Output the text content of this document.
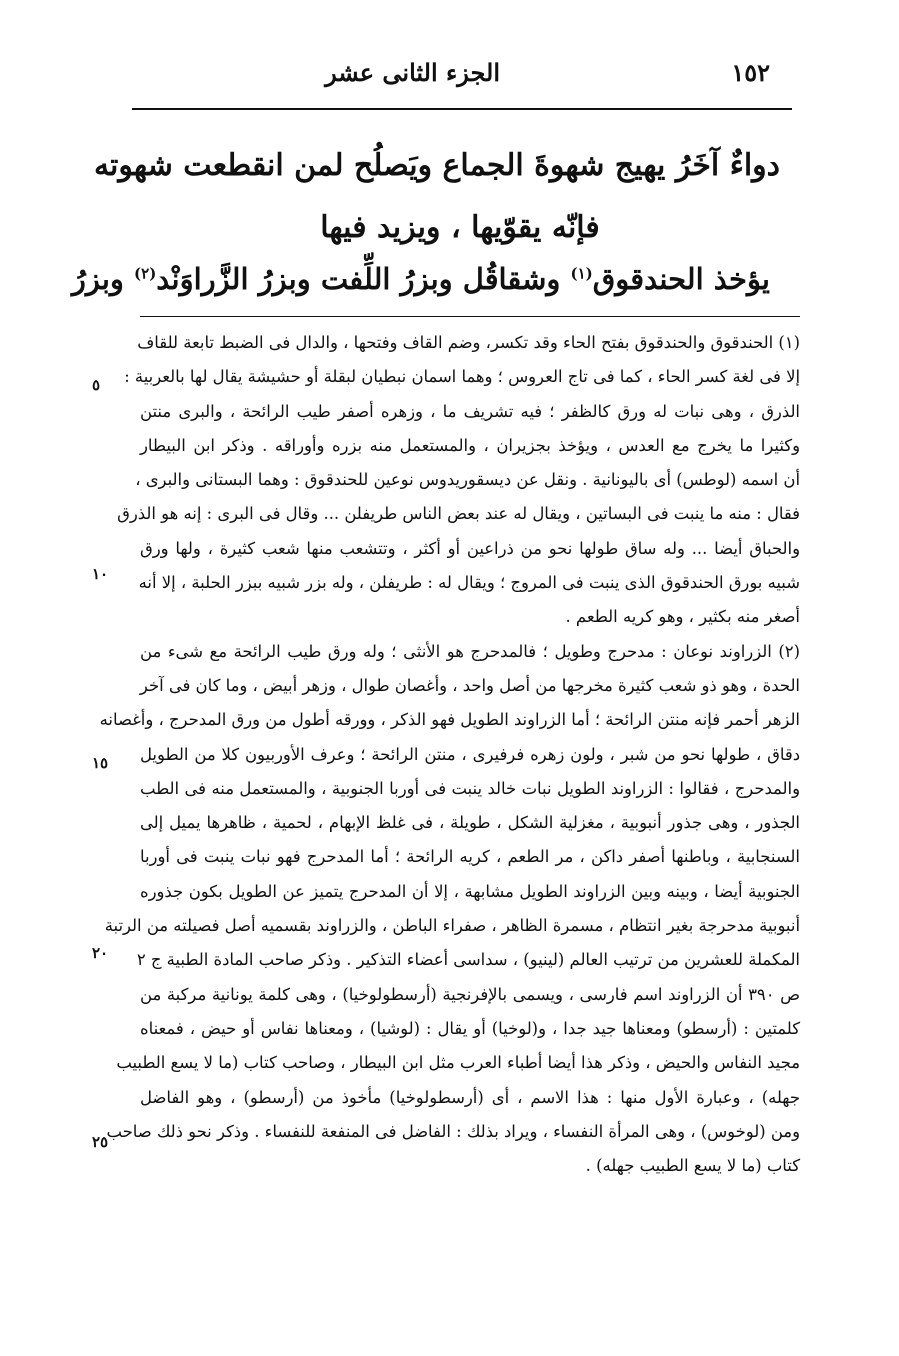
١٥٢
الجزء الثانى عشر
دواءٌ آخَرُ يهيج شهوةَ الجماع ويَصلُح لمن انقطعت شهوته
فإنّه يقوّيها ، ويزيد فيها
يؤخذ الحندقوق$^{(١)}$ وشقاقُل وبزرُ اللِّفت وبزرُ الزَّراوَنْد$^{(٢)}$ وبزرُ
(١) الحندقوق والحندقوق بفتح الحاء وقد تكسر، وضم القاف وفتحها ، والدال فى الضبط تابعة للقاف
إلا فى لغة كسر الحاء ، كما فى تاج العروس ؛ وهما اسمان نبطيان لبقلة أو حشيشة يقال لها بالعربية :
الذرق ، وهى نبات له ورق كالظفر ؛ فيه تشريف ما ، وزهره أصفر طيب الرائحة ، والبرى منتن
وكثيرا ما يخرج مع العدس ، ويؤخذ بجزيران ، والمستعمل منه بزره وأوراقه . وذكر ابن البيطار
أن اسمه (لوطس) أى باليونانية . ونقل عن ديسقوريدوس نوعين للحندقوق : وهما البستانى والبرى ،
فقال : منه ما ينبت فى البساتين ، ويقال له عند بعض الناس طريفلن ... وقال فى البرى : إنه هو الذرق
والحباق أيضا ... وله ساق طولها نحو من ذراعين أو أكثر ، وتتشعب منها شعب كثيرة ، ولها ورق
شبيه بورق الحندقوق الذى ينبت فى المروج ؛ ويقال له : طريفلن ، وله بزر شبيه ببزر الحلبة ، إلا أنه
أصغر منه بكثير ، وهو كريه الطعم .
(٢) الزراوند نوعان : مدحرج وطويل ؛ فالمدحرج هو الأنثى ؛ وله ورق طيب الرائحة مع شىء من
الحدة ، وهو ذو شعب كثيرة مخرجها من أصل واحد ، وأغصان طوال ، وزهر أبيض ، وما كان فى آخر
الزهر أحمر فإنه منتن الرائحة ؛ أما الزراوند الطويل فهو الذكر ، وورقه أطول من ورق المدحرج ، وأغصانه
دقاق ، طولها نحو من شبر ، ولون زهره فرفيرى ، منتن الرائحة ؛ وعرف الأوربيون كلا من الطويل
والمدحرج ، فقالوا : الزراوند الطويل نبات خالد ينبت فى أوربا الجنوبية ، والمستعمل منه فى الطب
الجذور ، وهى جذور أنبوبية ، مغزلية الشكل ، طويلة ، فى غلظ الإبهام ، لحمية ، ظاهرها يميل إلى
السنجابية ، وباطنها أصفر داكن ، مر الطعم ، كريه الرائحة ؛ أما المدحرج فهو نبات ينبت فى أوربا
الجنوبية أيضا ، وبينه وبين الزراوند الطويل مشابهة ، إلا أن المدحرج يتميز عن الطويل بكون جذوره
أنبوبية مدحرجة بغير انتظام ، مسمرة الظاهر ، صفراء الباطن ، والزراوند بقسميه أصل فصيلته من الرتبة
المكملة للعشرين من ترتيب العالم (لينيو) ، سداسى أعضاء التذكير . وذكر صاحب المادة الطبية ج ٢
ص ٣٩٠ أن الزراوند اسم فارسى ، ويسمى بالإفرنجية (أرسطولوخيا) ، وهى كلمة يونانية مركبة من
كلمتين : (أرسطو) ومعناها جيد جدا ، و(لوخيا) أو يقال : (لوشيا) ، ومعناها نفاس أو حيض ، فمعناه
مجيد النفاس والحيض ، وذكر هذا أيضا أطباء العرب مثل ابن البيطار ، وصاحب كتاب (ما لا يسع الطبيب
جهله) ، وعبارة الأول منها : هذا الاسم ، أى (أرسطولوخيا) مأخوذ من (أرسطو) ، وهو الفاضل
ومن (لوخوس) ، وهى المرأة النفساء ، ويراد بذلك : الفاضل فى المنفعة للنفساء . وذكر نحو ذلك صاحب
كتاب (ما لا يسع الطبيب جهله) .
٥
١٠
١٥
٢٠
٢٥
